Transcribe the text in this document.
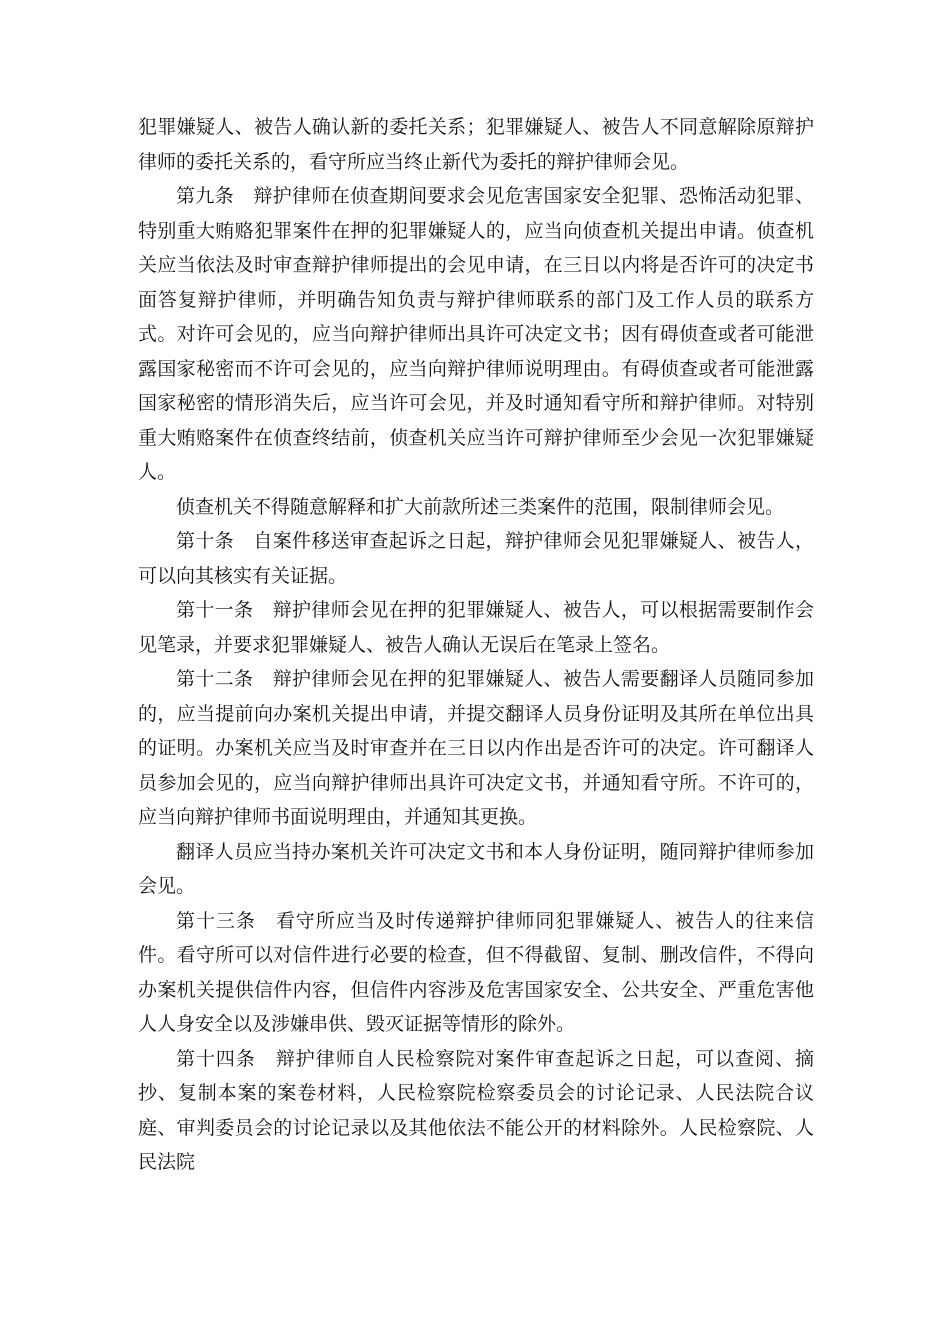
犯罪嫌疑人、被告人确认新的委托关系；犯罪嫌疑人、被告人不同意解除原辩护律师的委托关系的，看守所应当终止新代为委托的辩护律师会见。

第九条　辩护律师在侦查期间要求会见危害国家安全犯罪、恐怖活动犯罪、特别重大贿赂犯罪案件在押的犯罪嫌疑人的，应当向侦查机关提出申请。侦查机关应当依法及时审查辩护律师提出的会见申请，在三日以内将是否许可的决定书面答复辩护律师，并明确告知负责与辩护律师联系的部门及工作人员的联系方式。对许可会见的，应当向辩护律师出具许可决定文书；因有碍侦查或者可能泄露国家秘密而不许可会见的，应当向辩护律师说明理由。有碍侦查或者可能泄露国家秘密的情形消失后，应当许可会见，并及时通知看守所和辩护律师。对特别重大贿赂案件在侦查终结前，侦查机关应当许可辩护律师至少会见一次犯罪嫌疑人。

侦查机关不得随意解释和扩大前款所述三类案件的范围，限制律师会见。

第十条　自案件移送审查起诉之日起，辩护律师会见犯罪嫌疑人、被告人，可以向其核实有关证据。

第十一条　辩护律师会见在押的犯罪嫌疑人、被告人，可以根据需要制作会见笔录，并要求犯罪嫌疑人、被告人确认无误后在笔录上签名。

第十二条　辩护律师会见在押的犯罪嫌疑人、被告人需要翻译人员随同参加的，应当提前向办案机关提出申请，并提交翻译人员身份证明及其所在单位出具的证明。办案机关应当及时审查并在三日以内作出是否许可的决定。许可翻译人员参加会见的，应当向辩护律师出具许可决定文书，并通知看守所。不许可的，应当向辩护律师书面说明理由，并通知其更换。

翻译人员应当持办案机关许可决定文书和本人身份证明，随同辩护律师参加会见。

第十三条　看守所应当及时传递辩护律师同犯罪嫌疑人、被告人的往来信件。看守所可以对信件进行必要的检查，但不得截留、复制、删改信件，不得向办案机关提供信件内容，但信件内容涉及危害国家安全、公共安全、严重危害他人人身安全以及涉嫌串供、毁灭证据等情形的除外。

第十四条　辩护律师自人民检察院对案件审查起诉之日起，可以查阅、摘抄、复制本案的案卷材料，人民检察院检察委员会的讨论记录、人民法院合议庭、审判委员会的讨论记录以及其他依法不能公开的材料除外。人民检察院、人民法院
